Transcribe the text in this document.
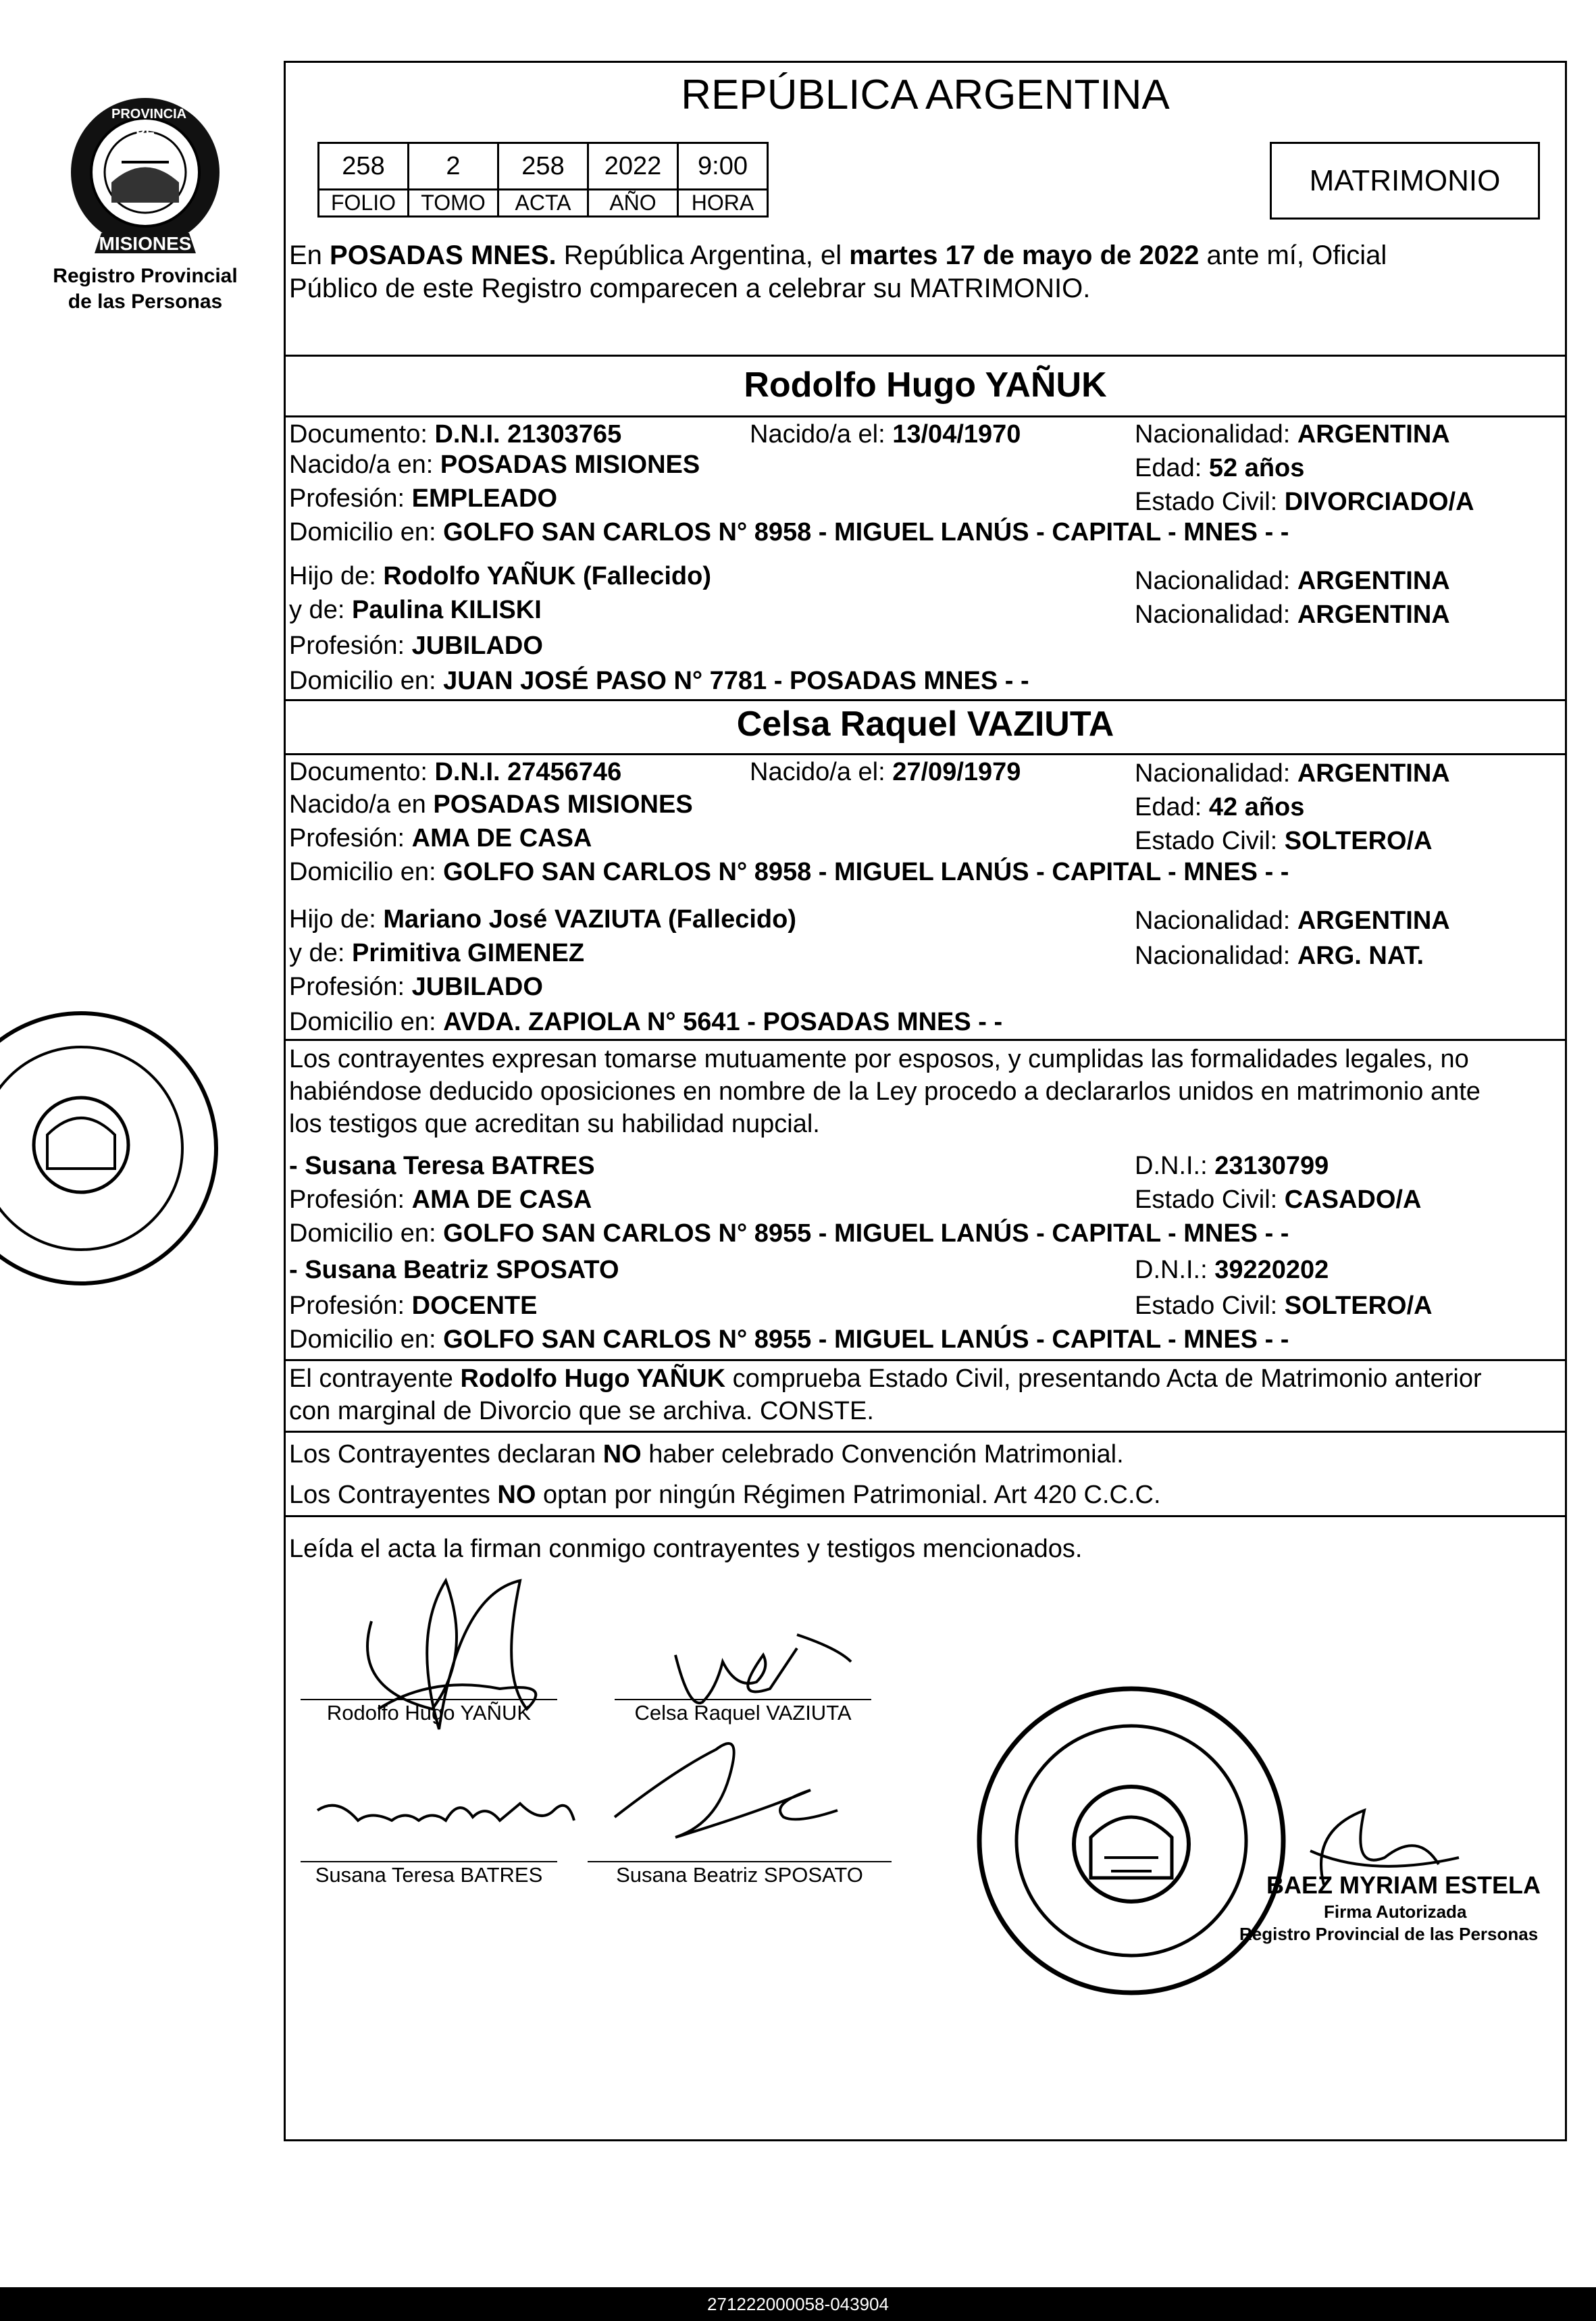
PROVINCIA DE
MISIONES
Registro Provincial
de las Personas
REPÚBLICA ARGENTINA
258	2	258	2022	9:00
FOLIO	TOMO	ACTA	AÑO	HORA
MATRIMONIO
En POSADAS MNES. República Argentina, el martes 17 de mayo de 2022 ante mí, Oficial
Público de este Registro comparecen a celebrar su MATRIMONIO.
Rodolfo Hugo YAÑUK
Documento: D.N.I. 21303765	Nacido/a el: 13/04/1970	Nacionalidad: ARGENTINA
Nacido/a en: POSADAS MISIONES	Edad: 52 años
Profesión: EMPLEADO	Estado Civil: DIVORCIADO/A
Domicilio en: GOLFO SAN CARLOS N° 8958 - MIGUEL LANÚS - CAPITAL - MNES - -
Hijo de: Rodolfo YAÑUK (Fallecido)	Nacionalidad: ARGENTINA
y de: Paulina KILISKI	Nacionalidad: ARGENTINA
Profesión: JUBILADO
Domicilio en: JUAN JOSÉ PASO N° 7781 - POSADAS MNES - -
Celsa Raquel VAZIUTA
Documento: D.N.I. 27456746	Nacido/a el: 27/09/1979	Nacionalidad: ARGENTINA
Nacido/a en POSADAS MISIONES	Edad: 42 años
Profesión: AMA DE CASA	Estado Civil: SOLTERO/A
Domicilio en: GOLFO SAN CARLOS N° 8958 - MIGUEL LANÚS - CAPITAL - MNES - -
Hijo de: Mariano José VAZIUTA (Fallecido)	Nacionalidad: ARGENTINA
y de: Primitiva GIMENEZ	Nacionalidad: ARG. NAT.
Profesión: JUBILADO
Domicilio en: AVDA. ZAPIOLA N° 5641 - POSADAS MNES - -
Los contrayentes expresan tomarse mutuamente por esposos, y cumplidas las formalidades legales, no
habiéndose deducido oposiciones en nombre de la Ley procedo a declararlos unidos en matrimonio ante
los testigos que acreditan su habilidad nupcial.
- Susana Teresa BATRES	D.N.I.: 23130799
Profesión: AMA DE CASA	Estado Civil: CASADO/A
Domicilio en: GOLFO SAN CARLOS N° 8955 - MIGUEL LANÚS - CAPITAL - MNES - -
- Susana Beatriz SPOSATO	D.N.I.: 39220202
Profesión: DOCENTE	Estado Civil: SOLTERO/A
Domicilio en: GOLFO SAN CARLOS N° 8955 - MIGUEL LANÚS - CAPITAL - MNES - -
El contrayente Rodolfo Hugo YAÑUK comprueba Estado Civil, presentando Acta de Matrimonio anterior
con marginal de Divorcio que se archiva. CONSTE.
Los Contrayentes declaran NO haber celebrado Convención Matrimonial.
Los Contrayentes NO optan por ningún Régimen Patrimonial. Art 420 C.C.C.
Leída el acta la firman conmigo contrayentes y testigos mencionados.
Rodolfo Hugo YAÑUK	Celsa Raquel VAZIUTA
Susana Teresa BATRES	Susana Beatriz SPOSATO	BAEZ MYRIAM ESTELA
Firma Autorizada
Registro Provincial de las Personas
271222000058-043904
